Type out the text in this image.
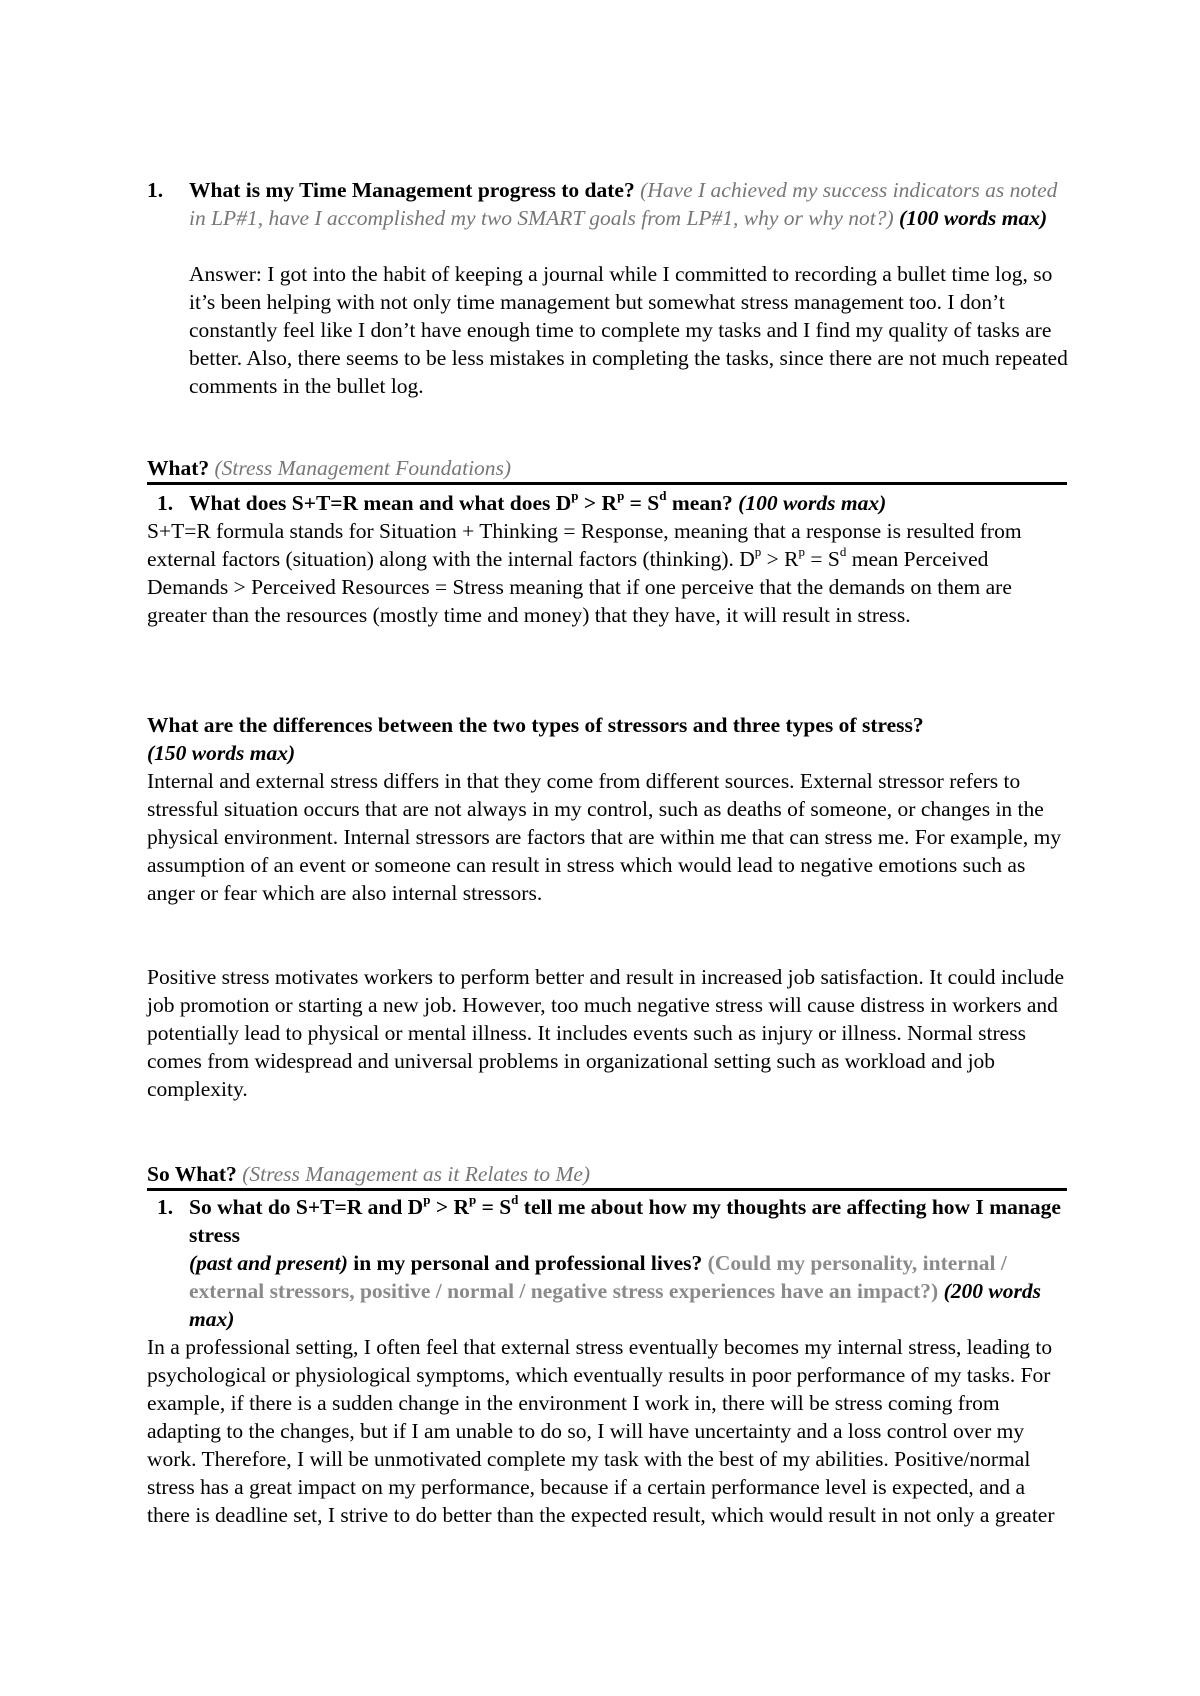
1. What is my Time Management progress to date? (Have I achieved my success indicators as noted in LP#1, have I accomplished my two SMART goals from LP#1, why or why not?) (100 words max)
Answer: I got into the habit of keeping a journal while I committed to recording a bullet time log, so it’s been helping with not only time management but somewhat stress management too. I don’t constantly feel like I don’t have enough time to complete my tasks and I find my quality of tasks are better. Also, there seems to be less mistakes in completing the tasks, since there are not much repeated comments in the bullet log.
What? (Stress Management Foundations)
1. What does S+T=R mean and what does $D^p > R^p = S^d$ mean? (100 words max)
S+T=R formula stands for Situation + Thinking = Response, meaning that a response is resulted from external factors (situation) along with the internal factors (thinking). $D^p > R^p = S^d$ mean Perceived Demands > Perceived Resources = Stress meaning that if one perceive that the demands on them are greater than the resources (mostly time and money) that they have, it will result in stress.

What are the differences between the two types of stressors and three types of stress?

(150 words max)

Internal and external stress differs in that they come from different sources. External stressor refers to stressful situation occurs that are not always in my control, such as deaths of someone, or changes in the physical environment. Internal stressors are factors that are within me that can stress me. For example, my assumption of an event or someone can result in stress which would lead to negative emotions such as anger or fear which are also internal stressors.
Positive stress motivates workers to perform better and result in increased job satisfaction. It could include job promotion or starting a new job. However, too much negative stress will cause distress in workers and potentially lead to physical or mental illness. It includes events such as injury or illness. Normal stress comes from widespread and universal problems in organizational setting such as workload and job complexity.
So What? (Stress Management as it Relates to Me)
1. So what do S+T=R and $D^p > R^p = S^d$ tell me about how my thoughts are affecting how I manage stress
(past and present) in my personal and professional lives? (Could my personality, internal / external stressors, positive / normal / negative stress experiences have an impact?) (200 words max)
In a professional setting, I often feel that external stress eventually becomes my internal stress, leading to psychological or physiological symptoms, which eventually results in poor performance of my tasks. For example, if there is a sudden change in the environment I work in, there will be stress coming from adapting to the changes, but if I am unable to do so, I will have uncertainty and a loss control over my work. Therefore, I will be unmotivated complete my task with the best of my abilities. Positive/normal stress has a great impact on my performance, because if a certain performance level is expected, and a there is deadline set, I strive to do better than the expected result, which would result in not only a greater
